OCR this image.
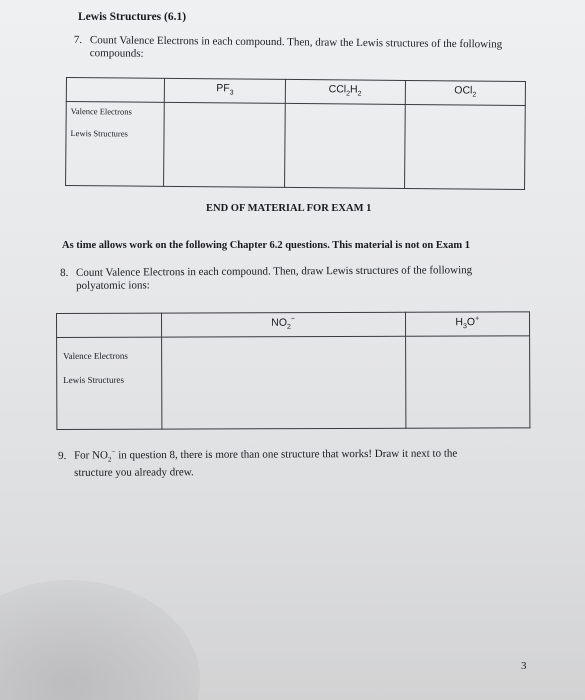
Lewis Structures (6.1)
7. Count Valence Electrons in each compound. Then, draw the Lewis structures of the following
compounds:
	$PF_3$	$CCl_2H_2$	OCl$_2$

Valence Electrons
Lewis Structures			

END OF MATERIAL FOR EXAM 1
As time allows work on the following Chapter 6.2 questions. This material is not on Exam 1
8. Count Valence Electrons in each compound. Then, draw Lewis structures of the following
polyatomic ions:
	$NO_2^-$	$H_3O^+$

Valence Electrons
Lewis Structures		

9. For $NO_2^-$ in question 8, there is more than one structure that works! Draw it next to the
structure you already drew.
3
